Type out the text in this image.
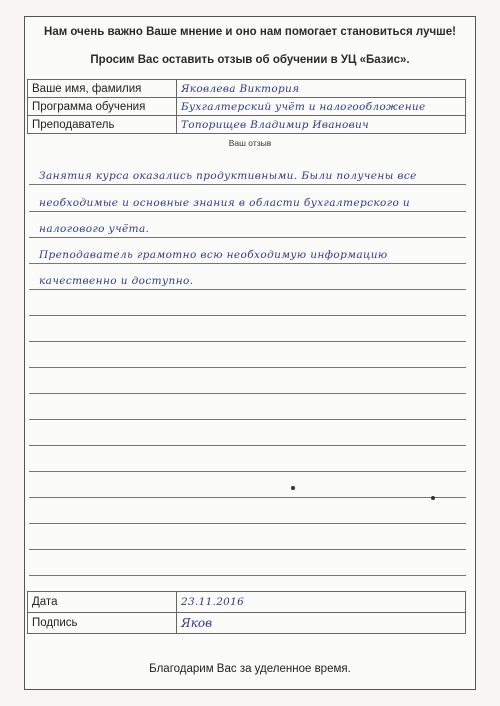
Нам очень важно Ваше мнение и оно нам помогает становиться лучше!
Просим Вас оставить отзыв об обучении в УЦ «Базис».
Ваше имя, фамилия	Яковлева Виктория
Программа обучения	Бухгалтерский учёт и налогообложение
Преподаватель	Топорищев Владимир Иванович
Ваш отзыв
Занятия курса оказались продуктивными. Были получены все
необходимые и основные знания в области бухгалтерского и
налогового учёта.
Преподаватель грамотно всю необходимую информацию
качественно и доступно.
Дата	23.11.2016
Подпись	Яков
Благодарим Вас за уделенное время.
